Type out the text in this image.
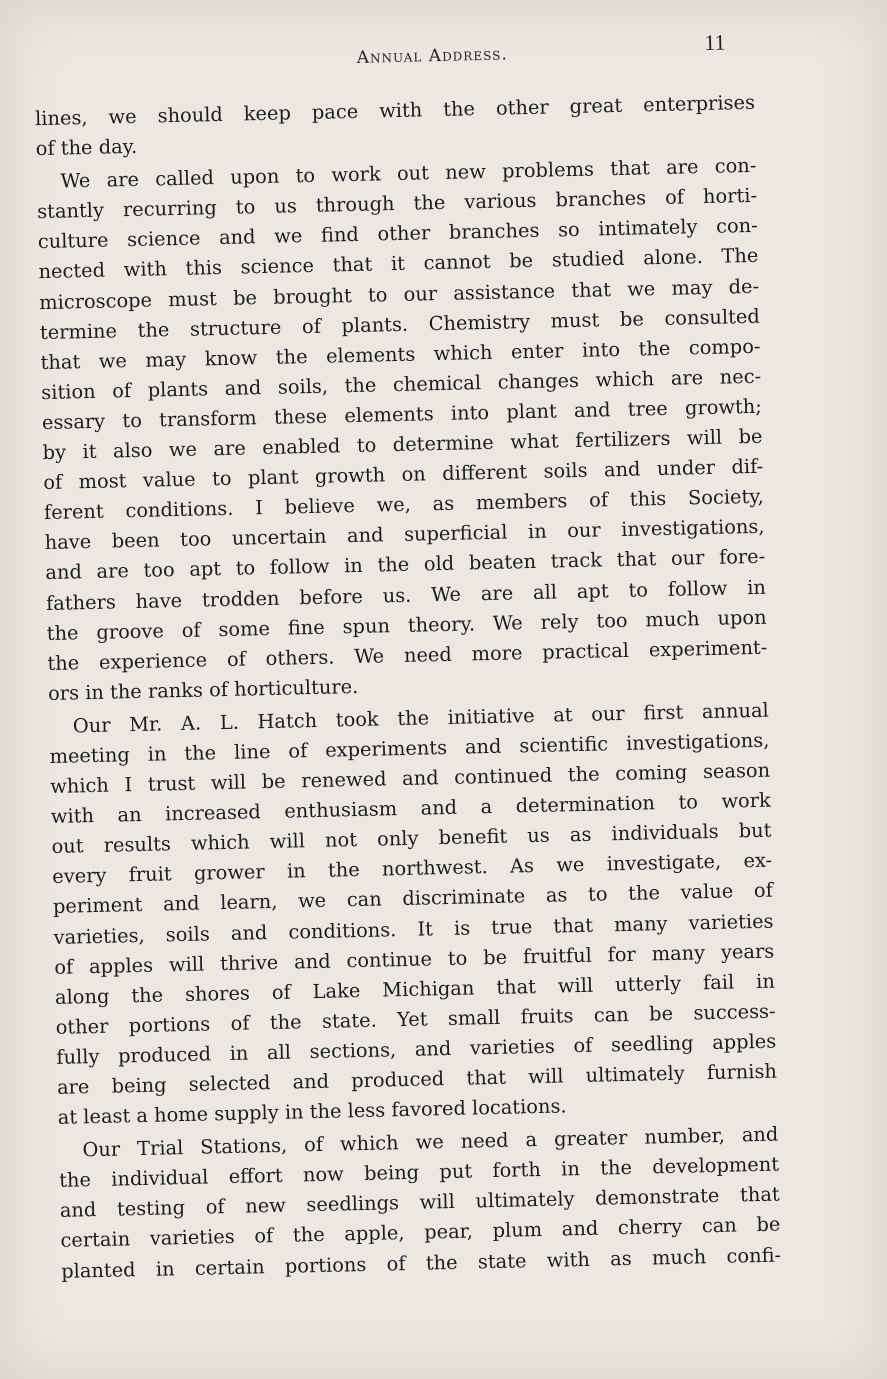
Annual Address.
11
lines, we should keep pace with the other great enterprises
of the day.
We are called upon to work out new problems that are con-
stantly recurring to us through the various branches of horti-
culture science and we find other branches so intimately con-
nected with this science that it cannot be studied alone. The
microscope must be brought to our assistance that we may de-
termine the structure of plants. Chemistry must be consulted
that we may know the elements which enter into the compo-
sition of plants and soils, the chemical changes which are nec-
essary to transform these elements into plant and tree growth;
by it also we are enabled to determine what fertilizers will be
of most value to plant growth on different soils and under dif-
ferent conditions. I believe we, as members of this Society,
have been too uncertain and superficial in our investigations,
and are too apt to follow in the old beaten track that our fore-
fathers have trodden before us. We are all apt to follow in
the groove of some fine spun theory. We rely too much upon
the experience of others. We need more practical experiment-
ors in the ranks of horticulture.
Our Mr. A. L. Hatch took the initiative at our first annual
meeting in the line of experiments and scientific investigations,
which I trust will be renewed and continued the coming season
with an increased enthusiasm and a determination to work
out results which will not only benefit us as individuals but
every fruit grower in the northwest. As we investigate, ex-
periment and learn, we can discriminate as to the value of
varieties, soils and conditions. It is true that many varieties
of apples will thrive and continue to be fruitful for many years
along the shores of Lake Michigan that will utterly fail in
other portions of the state. Yet small fruits can be success-
fully produced in all sections, and varieties of seedling apples
are being selected and produced that will ultimately furnish
at least a home supply in the less favored locations.
Our Trial Stations, of which we need a greater number, and
the individual effort now being put forth in the development
and testing of new seedlings will ultimately demonstrate that
certain varieties of the apple, pear, plum and cherry can be
planted in certain portions of the state with as much confi-
